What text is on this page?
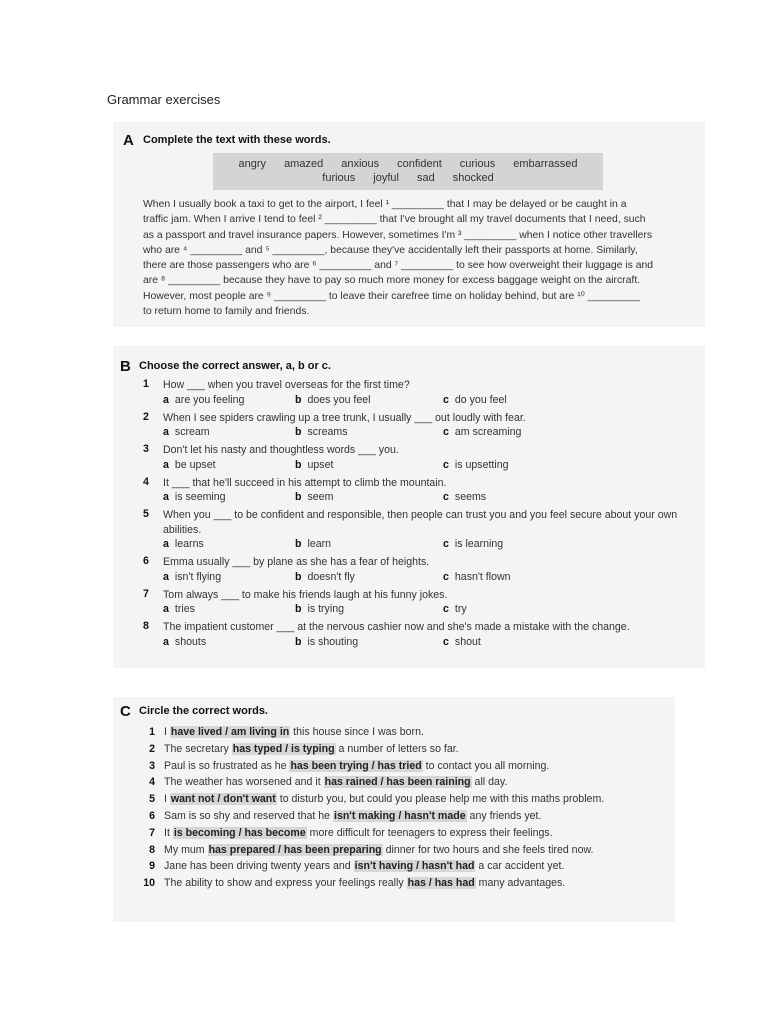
Grammar exercises
A Complete the text with these words.
angry amazed anxious confident curious embarrassed
furious joyful sad shocked
When I usually book a taxi to get to the airport, I feel ¹ _________ that I may be delayed or be caught in a
traffic jam. When I arrive I tend to feel ² _________ that I've brought all my travel documents that I need, such
as a passport and travel insurance papers. However, sometimes I'm ³ _________ when I notice other travellers
who are ⁴ _________ and ⁵ _________, because they've accidentally left their passports at home. Similarly,
there are those passengers who are ⁶ _________ and ⁷ _________ to see how overweight their luggage is and
are ⁸ _________ because they have to pay so much more money for excess baggage weight on the aircraft.
However, most people are ⁹ _________ to leave their carefree time on holiday behind, but are ¹⁰ _________
to return home to family and friends.
B Choose the correct answer, a, b or c.
1 How ___ when you travel overseas for the first time?
a are you feeling	b does you feel	c do you feel
2 When I see spiders crawling up a tree trunk, I usually ___ out loudly with fear.
a scream	b screams	c am screaming
3 Don't let his nasty and thoughtless words ___ you.
a be upset	b upset	c is upsetting
4 It ___ that he'll succeed in his attempt to climb the mountain.
a is seeming	b seem	c seems
5 When you ___ to be confident and responsible, then people can trust you and you feel secure about your own abilities.
a learns	b learn	c is learning
6 Emma usually ___ by plane as she has a fear of heights.
a isn't flying	b doesn't fly	c hasn't flown
7 Tom always ___ to make his friends laugh at his funny jokes.
a tries	b is trying	c try
8 The impatient customer ___ at the nervous cashier now and she's made a mistake with the change.
a shouts	b is shouting	c shout
C Circle the correct words.
1 I have lived / am living in this house since I was born.
2 The secretary has typed / is typing a number of letters so far.
3 Paul is so frustrated as he has been trying / has tried to contact you all morning.
4 The weather has worsened and it has rained / has been raining all day.
5 I want not / don't want to disturb you, but could you please help me with this maths problem.
6 Sam is so shy and reserved that he isn't making / hasn't made any friends yet.
7 It is becoming / has become more difficult for teenagers to express their feelings.
8 My mum has prepared / has been preparing dinner for two hours and she feels tired now.
9 Jane has been driving twenty years and isn't having / hasn't had a car accident yet.
10 The ability to show and express your feelings really has / has had many advantages.
